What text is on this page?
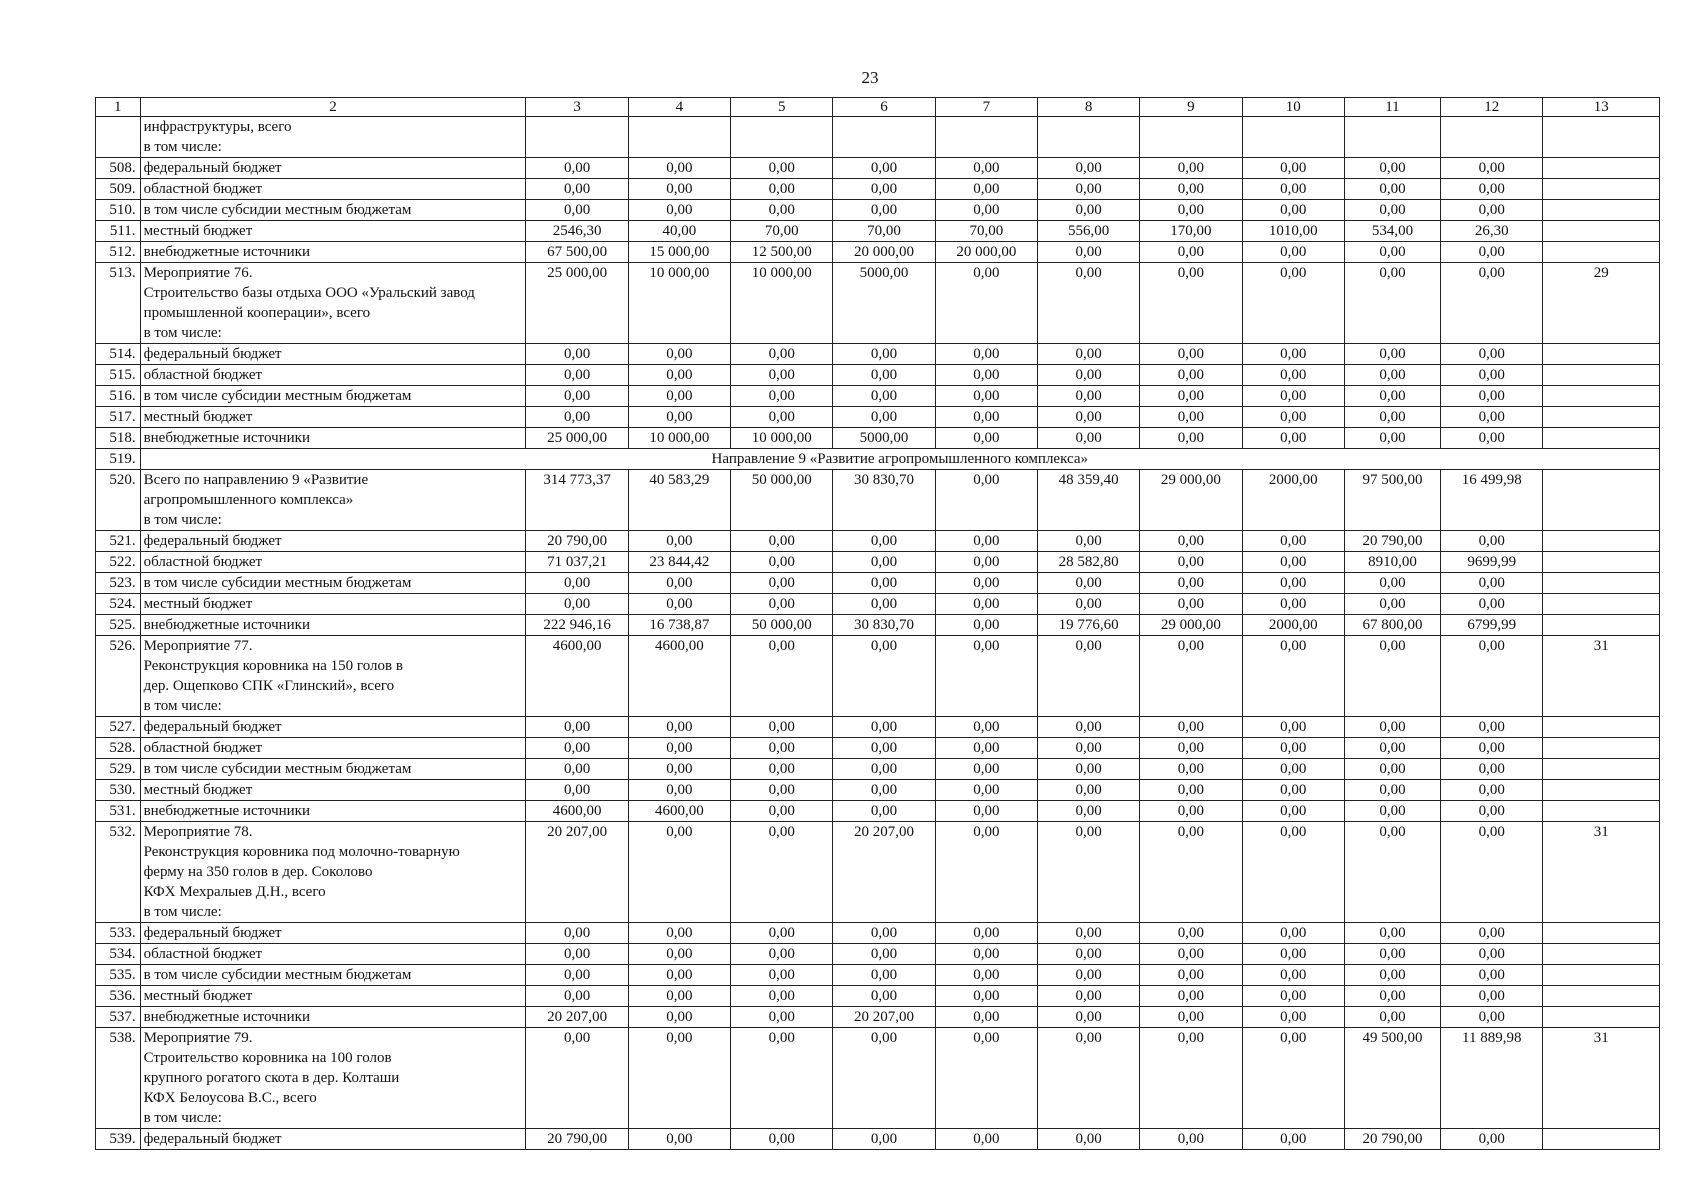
23
1	2	3	4	5	6	7	8	9	10	11	12	13

	инфраструктуры, всего
в том числе:											

508.	федеральный бюджет	0,00	0,00	0,00	0,00	0,00	0,00	0,00	0,00	0,00	0,00	
509.	областной бюджет	0,00	0,00	0,00	0,00	0,00	0,00	0,00	0,00	0,00	0,00	
510.	в том числе субсидии местным бюджетам	0,00	0,00	0,00	0,00	0,00	0,00	0,00	0,00	0,00	0,00	
511.	местный бюджет	2546,30	40,00	70,00	70,00	70,00	556,00	170,00	1010,00	534,00	26,30	
512.	внебюджетные источники	67 500,00	15 000,00	12 500,00	20 000,00	20 000,00	0,00	0,00	0,00	0,00	0,00	
513.	Мероприятие 76.
Строительство базы отдыха ООО «Уральский завод
промышленной кооперации», всего
в том числе:	25 000,00	10 000,00	10 000,00	5000,00	0,00	0,00	0,00	0,00	0,00	0,00	29
514.	федеральный бюджет	0,00	0,00	0,00	0,00	0,00	0,00	0,00	0,00	0,00	0,00	
515.	областной бюджет	0,00	0,00	0,00	0,00	0,00	0,00	0,00	0,00	0,00	0,00	
516.	в том числе субсидии местным бюджетам	0,00	0,00	0,00	0,00	0,00	0,00	0,00	0,00	0,00	0,00	
517.	местный бюджет	0,00	0,00	0,00	0,00	0,00	0,00	0,00	0,00	0,00	0,00	
518.	внебюджетные источники	25 000,00	10 000,00	10 000,00	5000,00	0,00	0,00	0,00	0,00	0,00	0,00	
519.	Направление 9 «Развитие агропромышленного комплекса»											
520.	Всего по направлению 9 «Развитие
агропромышленного комплекса»
в том числе:	314 773,37	40 583,29	50 000,00	30 830,70	0,00	48 359,40	29 000,00	2000,00	97 500,00	16 499,98	
521.	федеральный бюджет	20 790,00	0,00	0,00	0,00	0,00	0,00	0,00	0,00	20 790,00	0,00	
522.	областной бюджет	71 037,21	23 844,42	0,00	0,00	0,00	28 582,80	0,00	0,00	8910,00	9699,99	
523.	в том числе субсидии местным бюджетам	0,00	0,00	0,00	0,00	0,00	0,00	0,00	0,00	0,00	0,00	
524.	местный бюджет	0,00	0,00	0,00	0,00	0,00	0,00	0,00	0,00	0,00	0,00	
525.	внебюджетные источники	222 946,16	16 738,87	50 000,00	30 830,70	0,00	19 776,60	29 000,00	2000,00	67 800,00	6799,99	
526.	Мероприятие 77.
Реконструкция коровника на 150 голов в
дер. Ощепково СПК «Глинский», всего
в том числе:	4600,00	4600,00	0,00	0,00	0,00	0,00	0,00	0,00	0,00	0,00	31
527.	федеральный бюджет	0,00	0,00	0,00	0,00	0,00	0,00	0,00	0,00	0,00	0,00	
528.	областной бюджет	0,00	0,00	0,00	0,00	0,00	0,00	0,00	0,00	0,00	0,00	
529.	в том числе субсидии местным бюджетам	0,00	0,00	0,00	0,00	0,00	0,00	0,00	0,00	0,00	0,00	
530.	местный бюджет	0,00	0,00	0,00	0,00	0,00	0,00	0,00	0,00	0,00	0,00	
531.	внебюджетные источники	4600,00	4600,00	0,00	0,00	0,00	0,00	0,00	0,00	0,00	0,00	
532.	Мероприятие 78.
Реконструкция коровника под молочно-товарную
ферму на 350 голов в дер. Соколово
КФХ Мехралыев Д.Н., всего
в том числе:	20 207,00	0,00	0,00	20 207,00	0,00	0,00	0,00	0,00	0,00	0,00	31
533.	федеральный бюджет	0,00	0,00	0,00	0,00	0,00	0,00	0,00	0,00	0,00	0,00	
534.	областной бюджет	0,00	0,00	0,00	0,00	0,00	0,00	0,00	0,00	0,00	0,00	
535.	в том числе субсидии местным бюджетам	0,00	0,00	0,00	0,00	0,00	0,00	0,00	0,00	0,00	0,00	
536.	местный бюджет	0,00	0,00	0,00	0,00	0,00	0,00	0,00	0,00	0,00	0,00	
537.	внебюджетные источники	20 207,00	0,00	0,00	20 207,00	0,00	0,00	0,00	0,00	0,00	0,00	
538.	Мероприятие 79.
Строительство коровника на 100 голов
крупного рогатого скота в дер. Колташи
КФХ Белоусова В.С., всего
в том числе:	0,00	0,00	0,00	0,00	0,00	0,00	0,00	0,00	49 500,00	11 889,98	31
539.	федеральный бюджет	20 790,00	0,00	0,00	0,00	0,00	0,00	0,00	0,00	20 790,00	0,00	
